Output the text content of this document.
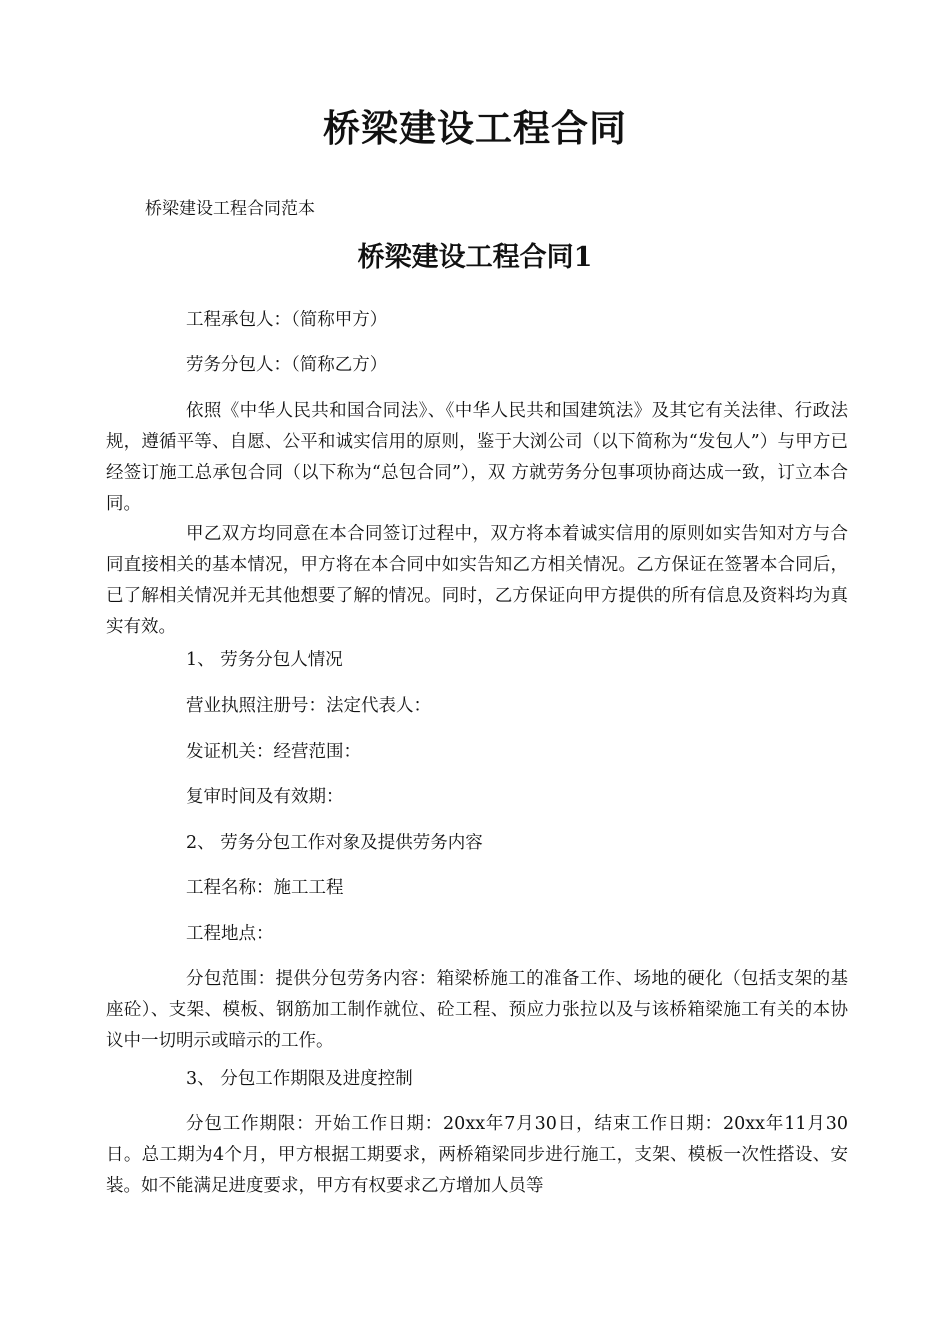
桥梁建设工程合同
桥梁建设工程合同范本
桥梁建设工程合同1
工程承包人：（简称甲方）
劳务分包人：（简称乙方）

依照《中华人民共和国合同法》、《中华人民共和国建筑法》及其它有关法律、行政法规，遵循平等、自愿、公平和诚实信用的原则，鉴于大浏公司（以下简称为“发包人”）与甲方已经签订施工总承包合同（以下称为“总包合同”），双 方就劳务分包事项协商达成一致，订立本合同。

甲乙双方均同意在本合同签订过程中，双方将本着诚实信用的原则如实告知对方与合同直接相关的基本情况，甲方将在本合同中如实告知乙方相关情况。乙方保证在签署本合同后，已了解相关情况并无其他想要了解的情况。同时，乙方保证向甲方提供的所有信息及资料均为真实有效。

1、 劳务分包人情况
营业执照注册号：法定代表人：
发证机关：经营范围：
复审时间及有效期：
2、 劳务分包工作对象及提供劳务内容
工程名称：施工工程
工程地点：

分包范围：提供分包劳务内容：箱梁桥施工的准备工作、场地的硬化（包括支架的基座砼）、支架、模板、钢筋加工制作就位、砼工程、预应力张拉以及与该桥箱梁施工有关的本协议中一切明示或暗示的工作。

3、 分包工作期限及进度控制

分包工作期限：开始工作日期：20xx年7月30日，结束工作日期：20xx年11月30日。总工期为4个月，甲方根据工期要求，两桥箱梁同步进行施工，支架、模板一次性搭设、安装。如不能满足进度要求，甲方有权要求乙方增加人员等
